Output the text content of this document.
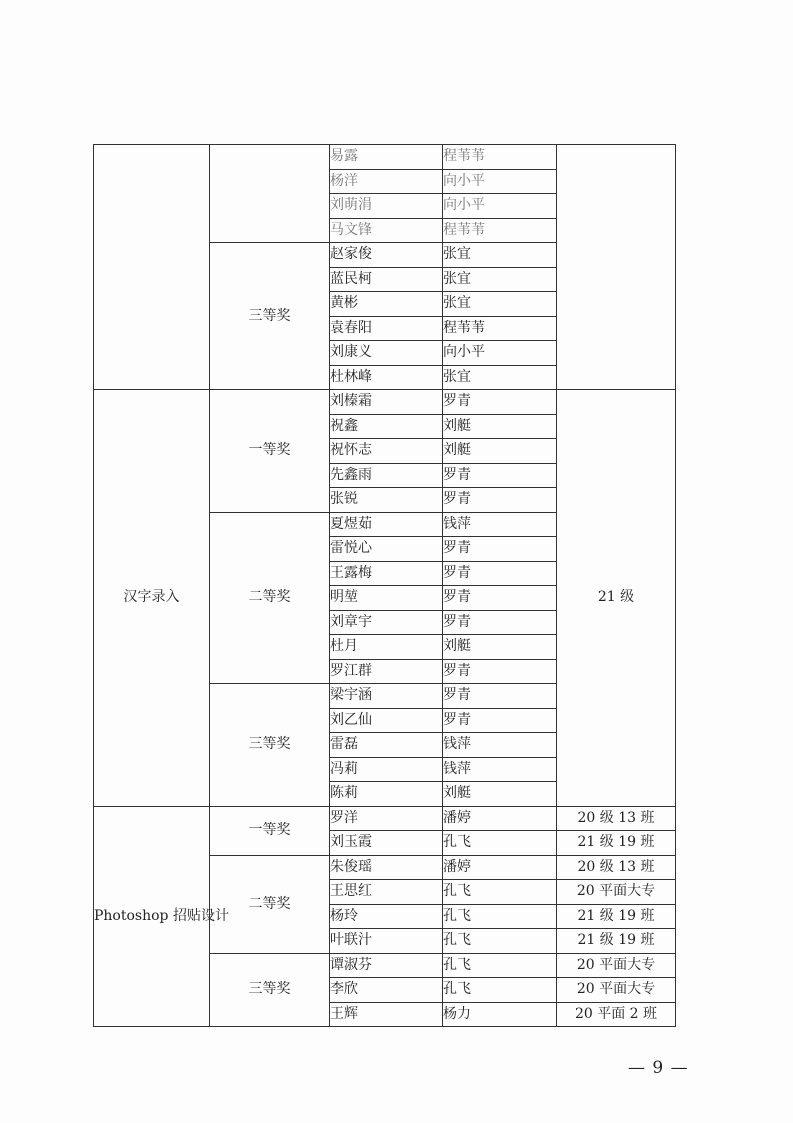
		易露	程苇苇	
		杨洋	向小平	
		刘萌涓	向小平	
		马文锋	程苇苇	
	三等奖	赵家俊	张宜	
		蓝民柯	张宜	
		黄彬	张宜	
		袁春阳	程苇苇	
		刘康义	向小平	
		杜林峰	张宜	
汉字录入	一等奖	刘榛霜	罗青	21 级
		祝鑫	刘艇	
		祝怀志	刘艇	
		先鑫雨	罗青	
		张锐	罗青	
	二等奖	夏煜茹	钱萍	
		雷悦心	罗青	
		王露梅	罗青	
		明堃	罗青	
		刘章宇	罗青	
		杜月	刘艇	
		罗江群	罗青	
	三等奖	梁宇涵	罗青	
		刘乙仙	罗青	
		雷磊	钱萍	
		冯莉	钱萍	
		陈莉	刘艇	
Photoshop 招贴设计	一等奖	罗洋	潘婷	20 级 13 班
		刘玉霞	孔飞	21 级 19 班
	二等奖	朱俊瑶	潘婷	20 级 13 班
		王思红	孔飞	20 平面大专
		杨玲	孔飞	21 级 19 班
		叶联汁	孔飞	21 级 19 班
	三等奖	谭淑芬	孔飞	20 平面大专
		李欣	孔飞	20 平面大专
		王辉	杨力	20 平面 2 班
— 9 —
